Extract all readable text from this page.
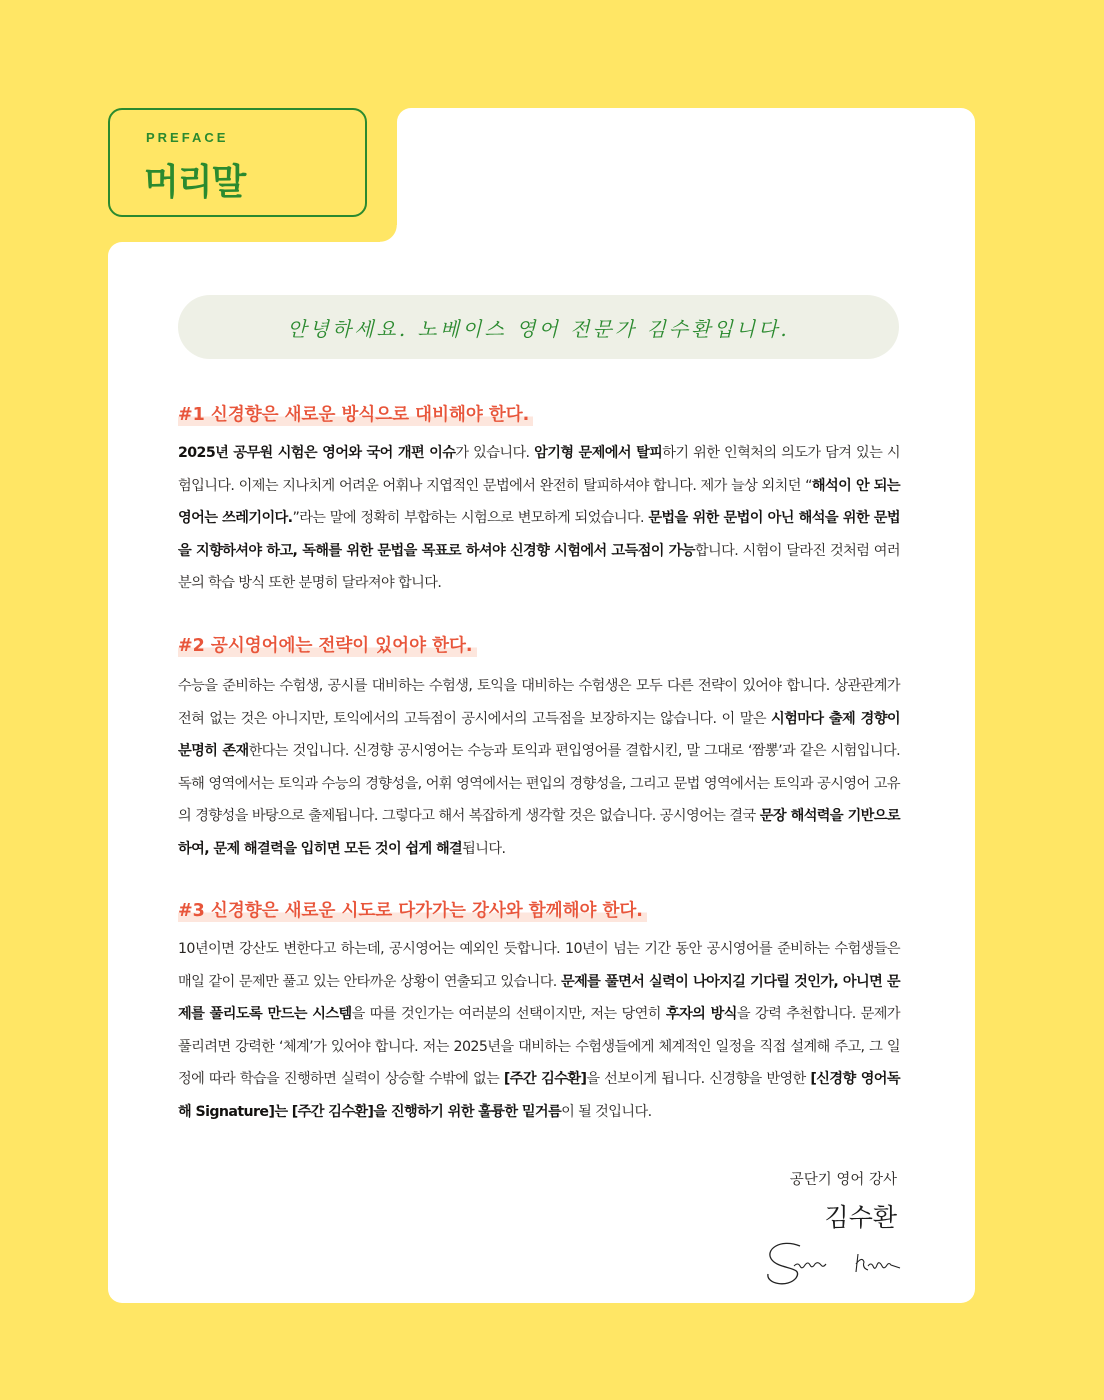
PREFACE
머리말
안녕하세요. 노베이스 영어 전문가 김수환입니다.
#1 신경향은 새로운 방식으로 대비해야 한다.
2025년 공무원 시험은 영어와 국어 개편 이슈가 있습니다. 암기형 문제에서 탈피하기 위한 인혁처의 의도가 담겨 있는 시험입니다. 이제는 지나치게 어려운 어휘나 지엽적인 문법에서 완전히 탈피하셔야 합니다. 제가 늘상 외치던 “해석이 안 되는 영어는 쓰레기이다.”라는 말에 정확히 부합하는 시험으로 변모하게 되었습니다. 문법을 위한 문법이 아닌 해석을 위한 문법을 지향하셔야 하고, 독해를 위한 문법을 목표로 하셔야 신경향 시험에서 고득점이 가능합니다. 시험이 달라진 것처럼 여러분의 학습 방식 또한 분명히 달라져야 합니다.
#2 공시영어에는 전략이 있어야 한다.
수능을 준비하는 수험생, 공시를 대비하는 수험생, 토익을 대비하는 수험생은 모두 다른 전략이 있어야 합니다. 상관관계가 전혀 없는 것은 아니지만, 토익에서의 고득점이 공시에서의 고득점을 보장하지는 않습니다. 이 말은 시험마다 출제 경향이 분명히 존재한다는 것입니다. 신경향 공시영어는 수능과 토익과 편입영어를 결합시킨, 말 그대로 ‘짬뽕’과 같은 시험입니다. 독해 영역에서는 토익과 수능의 경향성을, 어휘 영역에서는 편입의 경향성을, 그리고 문법 영역에서는 토익과 공시영어 고유의 경향성을 바탕으로 출제됩니다. 그렇다고 해서 복잡하게 생각할 것은 없습니다. 공시영어는 결국 문장 해석력을 기반으로 하여, 문제 해결력을 입히면 모든 것이 쉽게 해결됩니다.
#3 신경향은 새로운 시도로 다가가는 강사와 함께해야 한다.
10년이면 강산도 변한다고 하는데, 공시영어는 예외인 듯합니다. 10년이 넘는 기간 동안 공시영어를 준비하는 수험생들은 매일 같이 문제만 풀고 있는 안타까운 상황이 연출되고 있습니다. 문제를 풀면서 실력이 나아지길 기다릴 것인가, 아니면 문제를 풀리도록 만드는 시스템을 따를 것인가는 여러분의 선택이지만, 저는 당연히 후자의 방식을 강력 추천합니다. 문제가 풀리려면 강력한 ‘체계’가 있어야 합니다. 저는 2025년을 대비하는 수험생들에게 체계적인 일정을 직접 설계해 주고, 그 일정에 따라 학습을 진행하면 실력이 상승할 수밖에 없는 [주간 김수환]을 선보이게 됩니다. 신경향을 반영한 [신경향 영어독해 Signature]는 [주간 김수환]을 진행하기 위한 훌륭한 밑거름이 될 것입니다.
공단기 영어 강사
김수환
